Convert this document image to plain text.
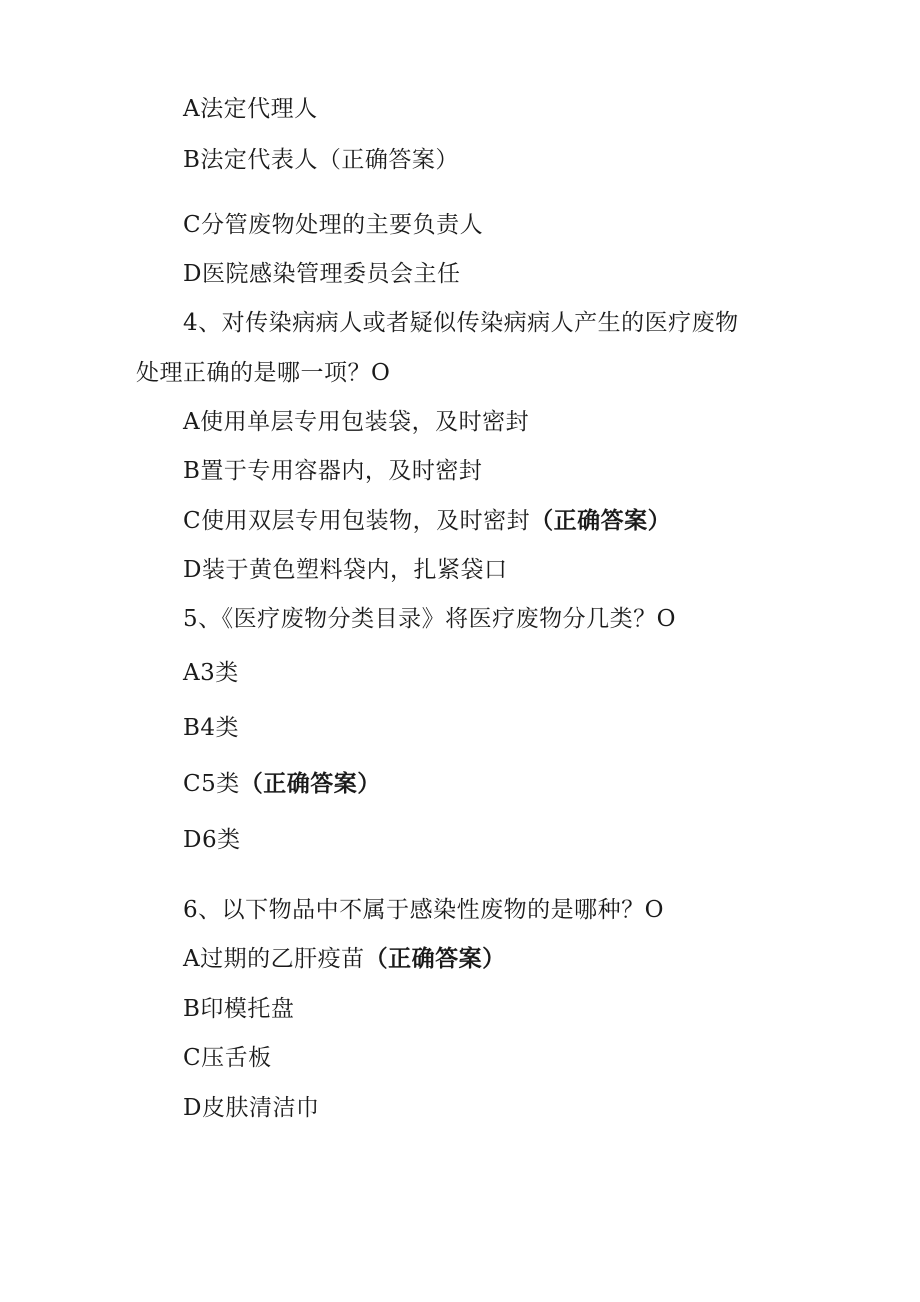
A法定代理人
B法定代表人（正确答案）
C分管废物处理的主要负责人
D医院感染管理委员会主任
4、对传染病病人或者疑似传染病病人产生的医疗废物
处理正确的是哪一项？O
A使用单层专用包装袋，及时密封
B置于专用容器内，及时密封
C使用双层专用包装物，及时密封（正确答案）
D装于黄色塑料袋内，扎紧袋口
5、《医疗废物分类目录》将医疗废物分几类？O
A3类
B4类
C5类（正确答案）
D6类
6、以下物品中不属于感染性废物的是哪种？O
A过期的乙肝疫苗（正确答案）
B印模托盘
C压舌板
D皮肤清洁巾
